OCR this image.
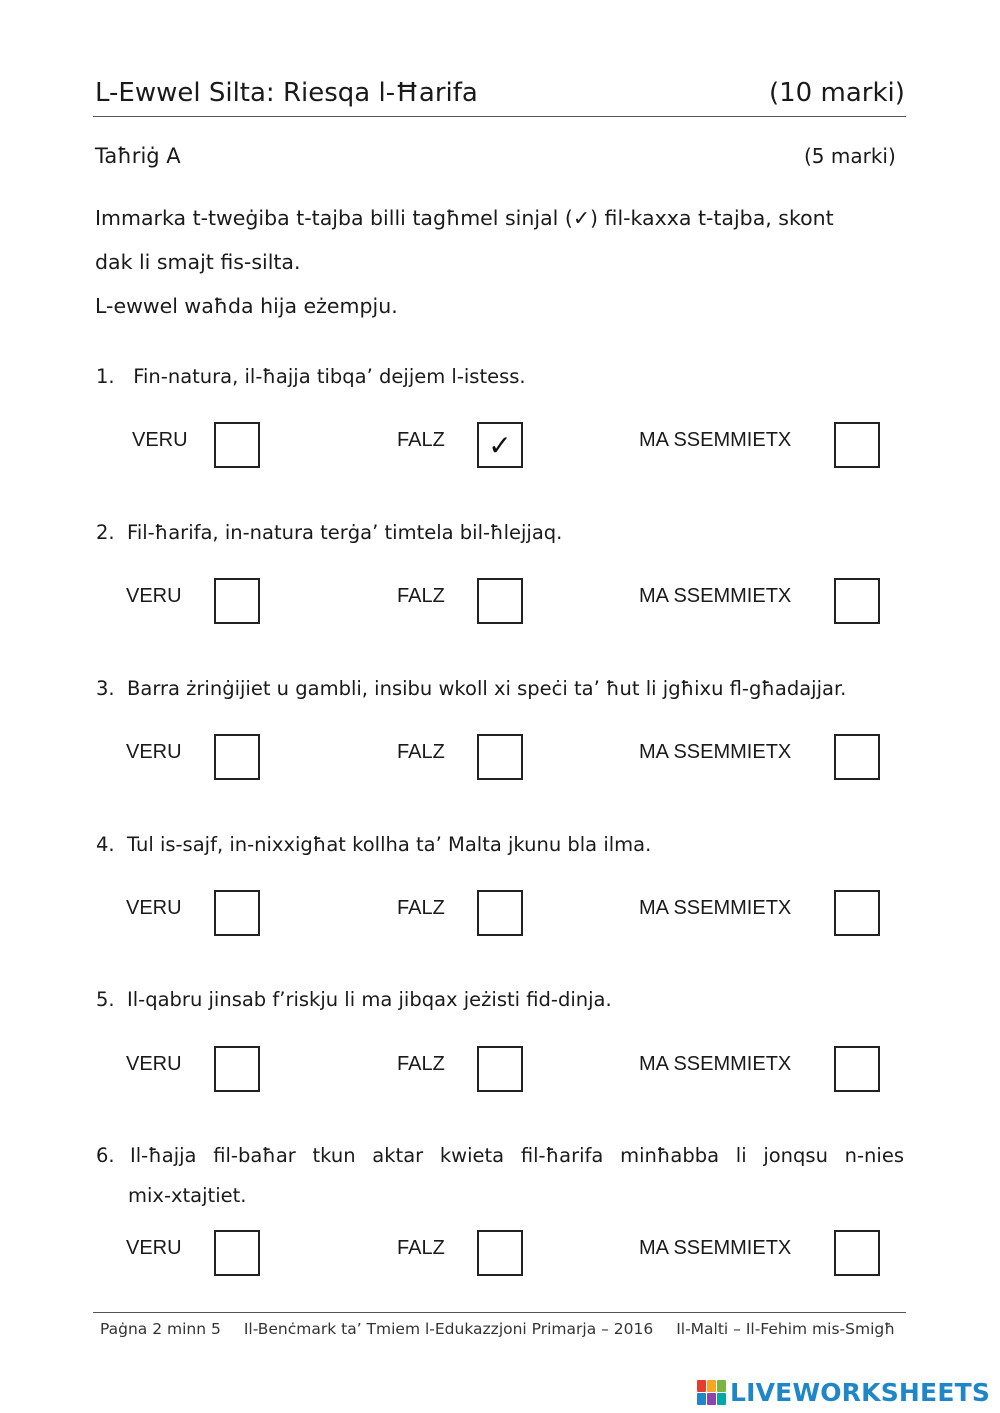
L-Ewwel Silta: Riesqa l-Ħarifa	(10 marki)
Taħriġ A	(5 marki)
Immarka t-tweġiba t-tajba billi tagħmel sinjal (✓) fil-kaxxa t-tajba, skont
dak li smajt fis-silta.
L-ewwel waħda hija eżempju.
1. Fin-natura, il-ħajja tibqa’ dejjem l-istess.
VERU	FALZ ✓	MA SSEMMIETX
2. Fil-ħarifa, in-natura terġa’ timtela bil-ħlejjaq.
VERU	FALZ	MA SSEMMIETX
3. Barra żrinġijiet u gambli, insibu wkoll xi speċi ta’ ħut li jgħixu fl-għadajjar.
VERU	FALZ	MA SSEMMIETX
4. Tul is-sajf, in-nixxigħat kollha ta’ Malta jkunu bla ilma.
VERU	FALZ	MA SSEMMIETX
5. Il-qabru jinsab f’riskju li ma jibqax jeżisti fid-dinja.
VERU	FALZ	MA SSEMMIETX
6. Il-ħajja fil-baħar tkun aktar kwieta fil-ħarifa minħabba li jonqsu n-nies
mix-xtajtiet.
VERU	FALZ	MA SSEMMIETX
Paġna 2 minn 5 Il-Benċmark ta’ Tmiem l-Edukazzjoni Primarja – 2016 Il-Malti – Il-Fehim mis-Smigħ
LIVEWORKSHEETS
